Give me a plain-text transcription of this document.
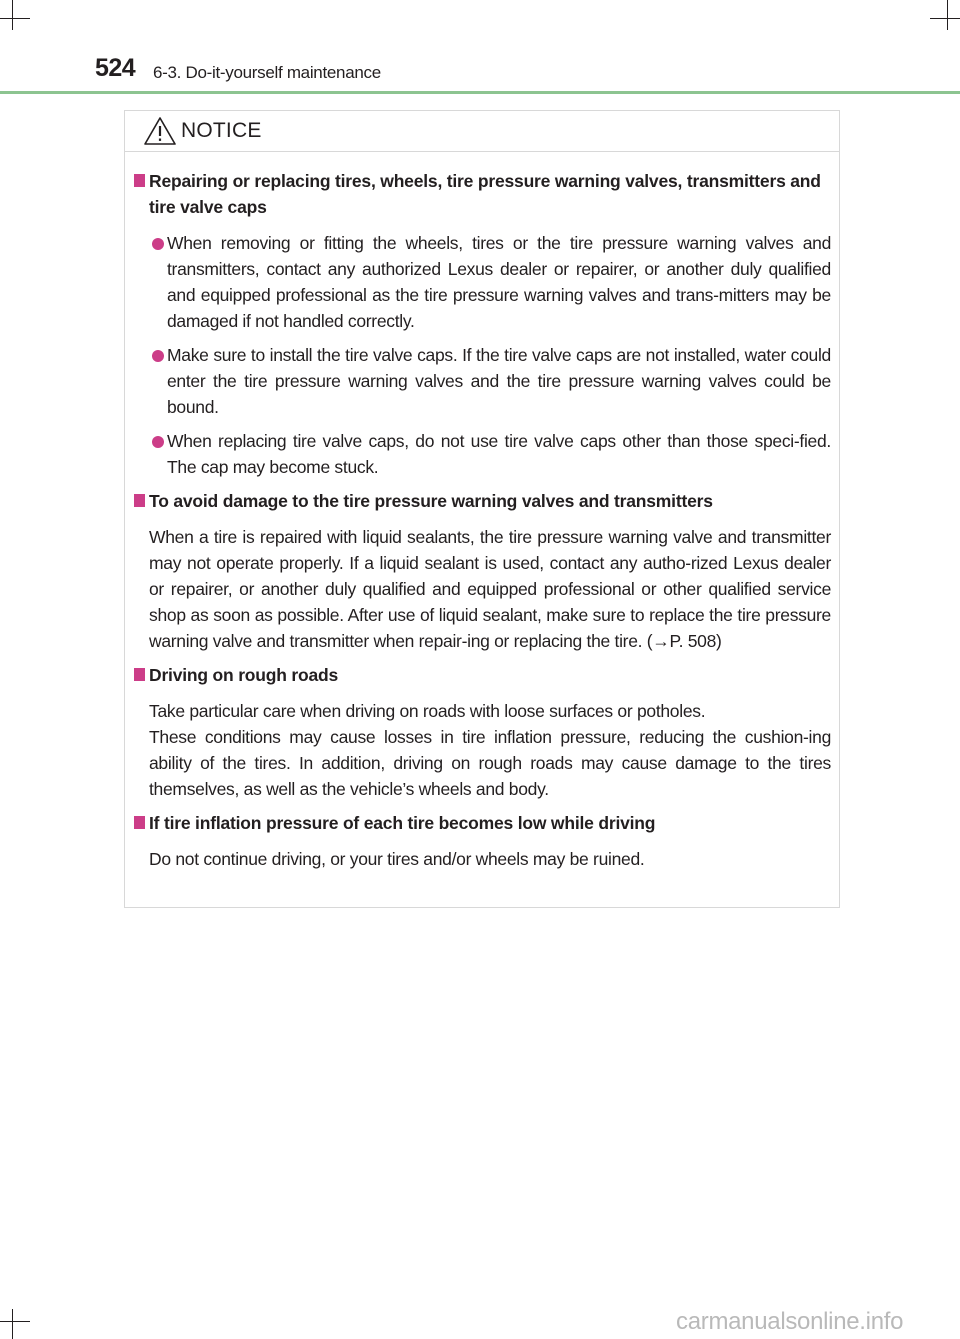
524 6-3. Do-it-yourself maintenance
NOTICE
Repairing or replacing tires, wheels, tire pressure warning valves, transmitters and tire valve caps
When removing or fitting the wheels, tires or the tire pressure warning valves and transmitters, contact any authorized Lexus dealer or repairer, or another duly qualified and equipped professional as the tire pressure warning valves and trans-mitters may be damaged if not handled correctly.
Make sure to install the tire valve caps. If the tire valve caps are not installed, water could enter the tire pressure warning valves and the tire pressure warning valves could be bound.
When replacing tire valve caps, do not use tire valve caps other than those speci-fied. The cap may become stuck.
To avoid damage to the tire pressure warning valves and transmitters
When a tire is repaired with liquid sealants, the tire pressure warning valve and transmitter may not operate properly. If a liquid sealant is used, contact any autho-rized Lexus dealer or repairer, or another duly qualified and equipped professional or other qualified service shop as soon as possible. After use of liquid sealant, make sure to replace the tire pressure warning valve and transmitter when repair-ing or replacing the tire. (→P. 508)
Driving on rough roads
Take particular care when driving on roads with loose surfaces or potholes.
These conditions may cause losses in tire inflation pressure, reducing the cushion-ing ability of the tires. In addition, driving on rough roads may cause damage to the tires themselves, as well as the vehicle’s wheels and body.
If tire inflation pressure of each tire becomes low while driving
Do not continue driving, or your tires and/or wheels may be ruined.
carmanualsonline.info
